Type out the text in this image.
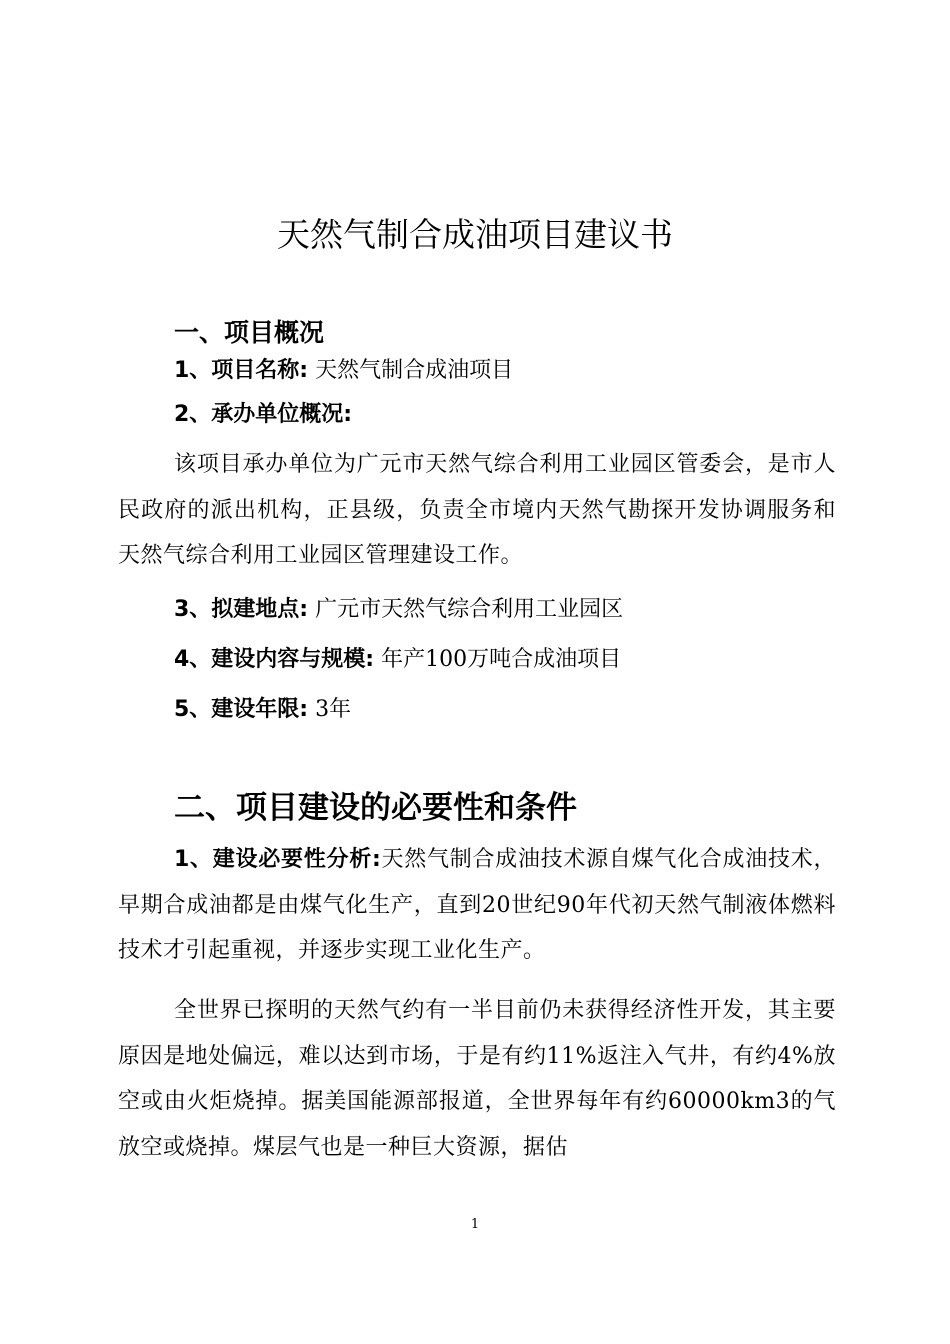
天然气制合成油项目建议书
一、项目概况
1、项目名称: 天然气制合成油项目
2、承办单位概况:

该项目承办单位为广元市天然气综合利用工业园区管委会，是市人民政府的派出机构，正县级，负责全市境内天然气勘探开发协调服务和天然气综合利用工业园区管理建设工作。

3、拟建地点: 广元市天然气综合利用工业园区
4、建设内容与规模: 年产100万吨合成油项目
5、建设年限: 3年
二、项目建设的必要性和条件

1、建设必要性分析:天然气制合成油技术源自煤气化合成油技术，早期合成油都是由煤气化生产，直到20世纪90年代初天然气制液体燃料技术才引起重视，并逐步实现工业化生产。

全世界已探明的天然气约有一半目前仍未获得经济性开发，其主要原因是地处偏远，难以达到市场，于是有约11%返注入气井，有约4%放空或由火炬烧掉。据美国能源部报道，全世界每年有约60000km3的气放空或烧掉。煤层气也是一种巨大资源，据估

1
